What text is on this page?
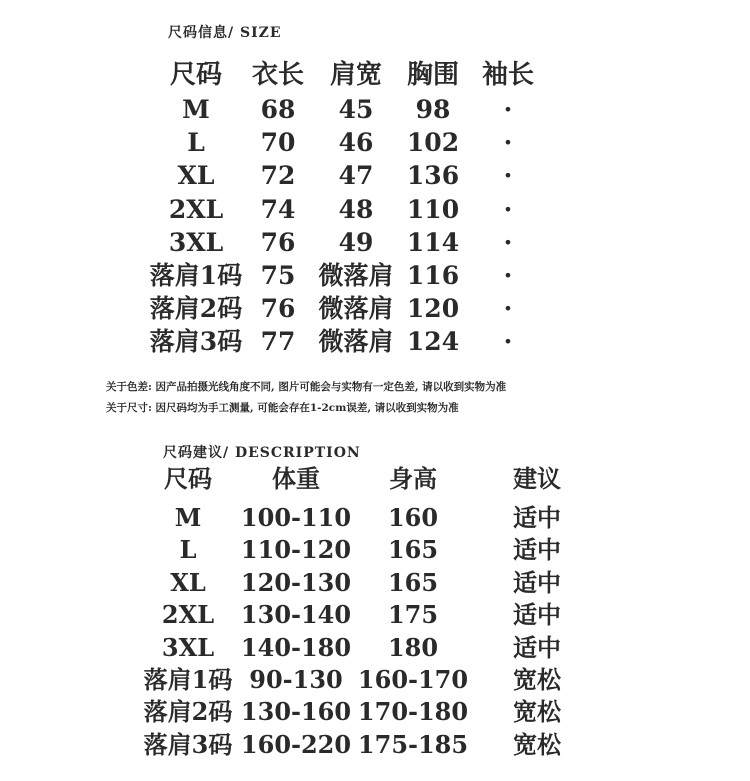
尺码信息/ SIZE
尺码 衣长 肩宽 胸围 袖长
M 68 45 98 ·
L 70 46 102 ·
XL 72 47 136 ·
2XL 74 48 110 ·
3XL 76 49 114 ·
落肩1码 75 微落肩 116 ·
落肩2码 76 微落肩 120 ·
落肩3码 77 微落肩 124 ·
关于色差: 因产品拍摄光线角度不同, 图片可能会与实物有一定色差, 请以收到实物为准
关于尺寸: 因尺码均为手工测量, 可能会存在1-2cm误差, 请以收到实物为准
尺码建议/ DESCRIPTION
尺码	体重	身高	建议
M 100-110 160	适中
L 110-120 165	适中
XL 120-130 165	适中
2XL 130-140 175	适中
3XL 140-180 180	适中
落肩1码 90-130 160-170 宽松
落肩2码 130-160 170-180 宽松
落肩3码 160-220 175-185 宽松
